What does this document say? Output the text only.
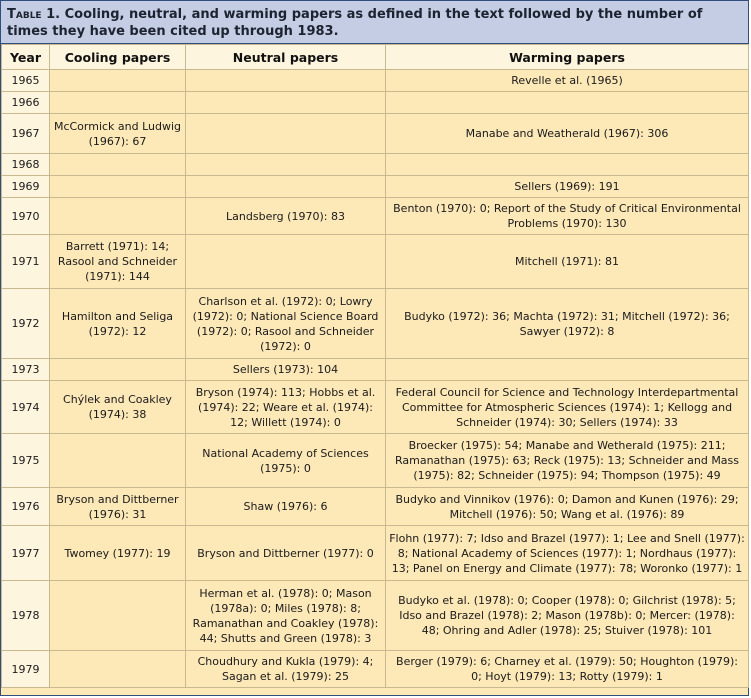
Table 1. Cooling, neutral, and warming papers as defined in the text followed by the number of times they have been cited up through 1983.
Year	Cooling papers	Neutral papers	Warming papers
1965			Revelle et al. (1965)
1966			
1967	McCormick and Ludwig (1967): 67		Manabe and Weatherald (1967): 306
1968			
1969			Sellers (1969): 191
1970		Landsberg (1970): 83	Benton (1970): 0; Report of the Study of Critical Environmental Problems (1970): 130
1971	Barrett (1971): 14; Rasool and Schneider (1971): 144		Mitchell (1971): 81
1972	Hamilton and Seliga (1972): 12	Charlson et al. (1972): 0; Lowry (1972): 0; National Science Board (1972): 0; Rasool and Schneider (1972): 0	Budyko (1972): 36; Machta (1972): 31; Mitchell (1972): 36; Sawyer (1972): 8
1973		Sellers (1973): 104	
1974	Chýlek and Coakley (1974): 38	Bryson (1974): 113; Hobbs et al. (1974): 22; Weare et al. (1974): 12; Willett (1974): 0	Federal Council for Science and Technology Interdepartmental Committee for Atmospheric Sciences (1974): 1; Kellogg and Schneider (1974): 30; Sellers (1974): 33
1975		National Academy of Sciences (1975): 0	Broecker (1975): 54; Manabe and Wetherald (1975): 211; Ramanathan (1975): 63; Reck (1975): 13; Schneider and Mass (1975): 82; Schneider (1975): 94; Thompson (1975): 49
1976	Bryson and Dittberner (1976): 31	Shaw (1976): 6	Budyko and Vinnikov (1976): 0; Damon and Kunen (1976): 29; Mitchell (1976): 50; Wang et al. (1976): 89
1977	Twomey (1977): 19	Bryson and Dittberner (1977): 0	Flohn (1977): 7; Idso and Brazel (1977): 1; Lee and Snell (1977): 8; National Academy of Sciences (1977): 1; Nordhaus (1977): 13; Panel on Energy and Climate (1977): 78; Woronko (1977): 1
1978		Herman et al. (1978): 0; Mason (1978a): 0; Miles (1978): 8; Ramanathan and Coakley (1978): 44; Shutts and Green (1978): 3	Budyko et al. (1978): 0; Cooper (1978): 0; Gilchrist (1978): 5; Idso and Brazel (1978): 2; Mason (1978b): 0; Mercer: (1978): 48; Ohring and Adler (1978): 25; Stuiver (1978): 101
1979		Choudhury and Kukla (1979): 4; Sagan et al. (1979): 25	Berger (1979): 6; Charney et al. (1979): 50; Houghton (1979): 0; Hoyt (1979): 13; Rotty (1979): 1
